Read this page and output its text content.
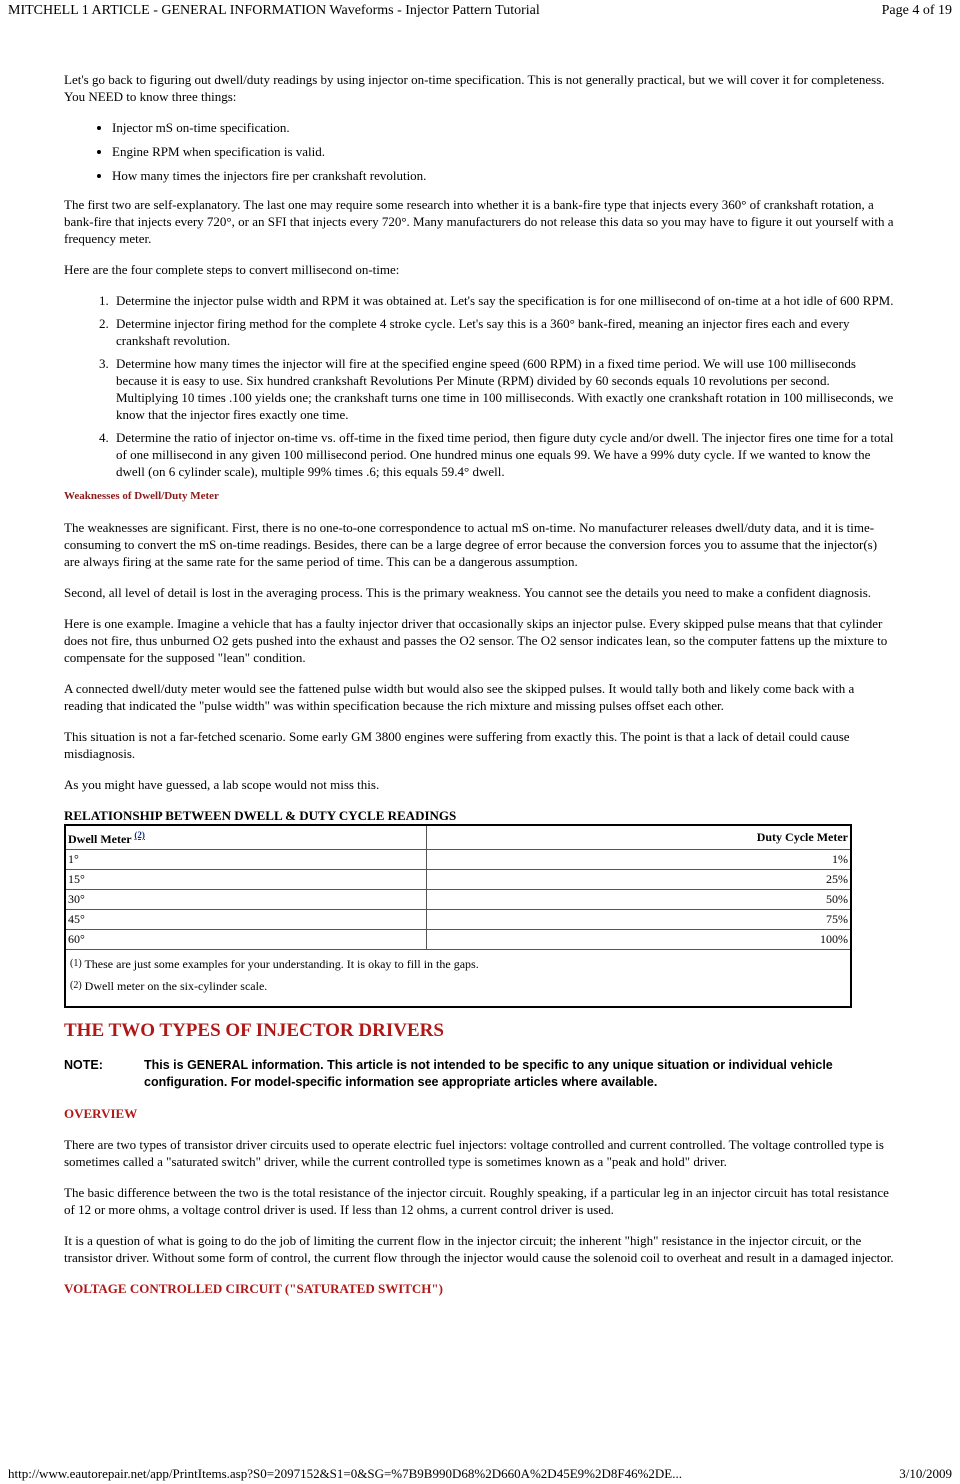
MITCHELL 1 ARTICLE - GENERAL INFORMATION Waveforms - Injector Pattern Tutorial	Page 4 of 19

Let's go back to figuring out dwell/duty readings by using injector on-time specification. This is not generally practical, but we will cover it for completeness. You NEED to know three things:

• Injector mS on-time specification.
• Engine RPM when specification is valid.
• How many times the injectors fire per crankshaft revolution.

The first two are self-explanatory. The last one may require some research into whether it is a bank-fire type that injects every 360° of crankshaft rotation, a bank-fire that injects every 720°, or an SFI that injects every 720°. Many manufacturers do not release this data so you may have to figure it out yourself with a frequency meter.

Here are the four complete steps to convert millisecond on-time:

1. Determine the injector pulse width and RPM it was obtained at. Let's say the specification is for one millisecond of on-time at a hot idle of 600 RPM.
2. Determine injector firing method for the complete 4 stroke cycle. Let's say this is a 360° bank-fired, meaning an injector fires each and every crankshaft revolution.
3. Determine how many times the injector will fire at the specified engine speed (600 RPM) in a fixed time period. We will use 100 milliseconds because it is easy to use. Six hundred crankshaft Revolutions Per Minute (RPM) divided by 60 seconds equals 10 revolutions per second. Multiplying 10 times .100 yields one; the crankshaft turns one time in 100 milliseconds. With exactly one crankshaft rotation in 100 milliseconds, we know that the injector fires exactly one time.
4. Determine the ratio of injector on-time vs. off-time in the fixed time period, then figure duty cycle and/or dwell. The injector fires one time for a total of one millisecond in any given 100 millisecond period. One hundred minus one equals 99. We have a 99% duty cycle. If we wanted to know the dwell (on 6 cylinder scale), multiple 99% times .6; this equals 59.4° dwell.
Weaknesses of Dwell/Duty Meter

The weaknesses are significant. First, there is no one-to-one correspondence to actual mS on-time. No manufacturer releases dwell/duty data, and it is time-consuming to convert the mS on-time readings. Besides, there can be a large degree of error because the conversion forces you to assume that the injector(s) are always firing at the same rate for the same period of time. This can be a dangerous assumption.

Second, all level of detail is lost in the averaging process. This is the primary weakness. You cannot see the details you need to make a confident diagnosis.

Here is one example. Imagine a vehicle that has a faulty injector driver that occasionally skips an injector pulse. Every skipped pulse means that that cylinder does not fire, thus unburned O2 gets pushed into the exhaust and passes the O2 sensor. The O2 sensor indicates lean, so the computer fattens up the mixture to compensate for the supposed "lean" condition.

A connected dwell/duty meter would see the fattened pulse width but would also see the skipped pulses. It would tally both and likely come back with a reading that indicated the "pulse width" was within specification because the rich mixture and missing pulses offset each other.

This situation is not a far-fetched scenario. Some early GM 3800 engines were suffering from exactly this. The point is that a lack of detail could cause misdiagnosis.

As you might have guessed, a lab scope would not miss this.

RELATIONSHIP BETWEEN DWELL & DUTY CYCLE READINGS
Dwell Meter $^{(2)}$	Duty Cycle Meter
1°	1%
15°	25%
30°	50%
45°	75%
60°	100%

$^{(1)}$ These are just some examples for your understanding. It is okay to fill in the gaps.
$^{(2)}$ Dwell meter on the six-cylinder scale.	
THE TWO TYPES OF INJECTOR DRIVERS
NOTE:	This is GENERAL information. This article is not intended to be specific to any unique situation or individual vehicle configuration. For model-specific information see appropriate articles where available.
OVERVIEW

There are two types of transistor driver circuits used to operate electric fuel injectors: voltage controlled and current controlled. The voltage controlled type is sometimes called a "saturated switch" driver, while the current controlled type is sometimes known as a "peak and hold" driver.

The basic difference between the two is the total resistance of the injector circuit. Roughly speaking, if a particular leg in an injector circuit has total resistance of 12 or more ohms, a voltage control driver is used. If less than 12 ohms, a current control driver is used.

It is a question of what is going to do the job of limiting the current flow in the injector circuit; the inherent "high" resistance in the injector circuit, or the transistor driver. Without some form of control, the current flow through the injector would cause the solenoid coil to overheat and result in a damaged injector.

VOLTAGE CONTROLLED CIRCUIT ("SATURATED SWITCH")
http://www.eautorepair.net/app/PrintItems.asp?S0=2097152&S1=0&SG=%7B9B990D68%2D660A%2D45E9%2D8F46%2DE...	3/10/2009
